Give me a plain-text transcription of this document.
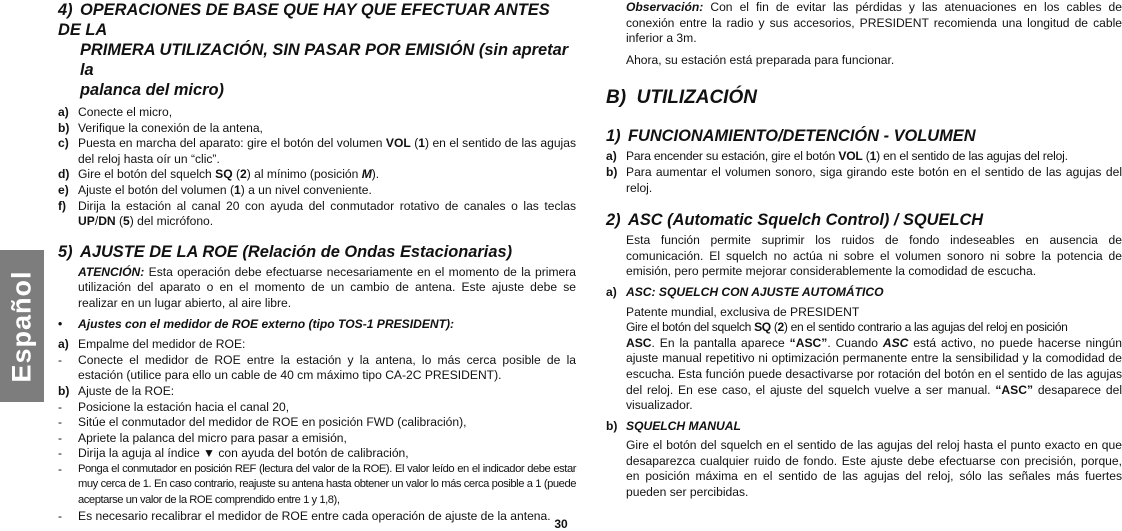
Español
4) OPERACIONES DE BASE QUE HAY QUE EFECTUAR ANTES DE LA
PRIMERA UTILIZACIÓN, SIN PASAR POR EMISIÓN (sin apretar la
palanca del micro)
a) Conecte el micro,
b) Verifique la conexión de la antena,
c) Puesta en marcha del aparato: gire el botón del volumen VOL (1) en el sentido de las agujas del reloj hasta oír un “clic”.
d) Gire el botón del squelch SQ (2) al mínimo (posición M).
e) Ajuste el botón del volumen (1) a un nivel conveniente.
f) Dirija la estación al canal 20 con ayuda del conmutador rotativo de canales o las teclas UP/DN (5) del micrófono.
5) AJUSTE DE LA ROE (Relación de Ondas Estacionarias)
ATENCIÓN: Esta operación debe efectuarse necesariamente en el momento de la primera utilización del aparato o en el momento de un cambio de antena. Este ajuste debe se realizar en un lugar abierto, al aire libre.
•	Ajustes con el medidor de ROE externo (tipo TOS-1 PRESIDENT):
a) Empalme del medidor de ROE:
-	Conecte el medidor de ROE entre la estación y la antena, lo más cerca posible de la estación (utilice para ello un cable de 40 cm máximo tipo CA-2C PRESIDENT).
b) Ajuste de la ROE:
-	Posicione la estación hacia el canal 20,
-	Sitúe el conmutador del medidor de ROE en posición FWD (calibración),
-	Apriete la palanca del micro para pasar a emisión,
-	Dirija la aguja al índice ▼ con ayuda del botón de calibración,
-	Ponga el conmutador en posición REF (lectura del valor de la ROE). El valor leído en el indicador debe estar muy cerca de 1. En caso contrario, reajuste su antena hasta obtener un valor lo más cerca posible a 1 (puede aceptarse un valor de la ROE comprendido entre 1 y 1,8),
-	Es necesario recalibrar el medidor de ROE entre cada operación de ajuste de la antena.
Observación: Con el fin de evitar las pérdidas y las atenuaciones en los cables de conexión entre la radio y sus accesorios, PRESIDENT recomienda una longitud de cable inferior a 3m.
Ahora, su estación está preparada para funcionar.
B) UTILIZACIÓN
1) FUNCIONAMIENTO/DETENCIÓN - VOLUMEN
a) Para encender su estación, gire el botón VOL (1) en el sentido de las agujas del reloj.
b) Para aumentar el volumen sonoro, siga girando este botón en el sentido de las agujas del reloj.
2) ASC (Automatic Squelch Control) / SQUELCH
Esta función permite suprimir los ruidos de fondo indeseables en ausencia de comunicación. El squelch no actúa ni sobre el volumen sonoro ni sobre la potencia de emisión, pero permite mejorar considerablemente la comodidad de escucha.
a) ASC: SQUELCH CON AJUSTE AUTOMÁTICO
Patente mundial, exclusiva de PRESIDENT
Gire el botón del squelch SQ (2) en el sentido contrario a las agujas del reloj en posición
ASC. En la pantalla aparece “ASC”. Cuando ASC está activo, no puede hacerse ningún ajuste manual repetitivo ni optimización permanente entre la sensibilidad y la comodidad de escucha. Esta función puede desactivarse por rotación del botón en el sentido de las agujas del reloj. En ese caso, el ajuste del squelch vuelve a ser manual. “ASC” desaparece del visualizador.
b) SQUELCH MANUAL
Gire el botón del squelch en el sentido de las agujas del reloj hasta el punto exacto en que desaparezca cualquier ruido de fondo. Este ajuste debe efectuarse con precisión, porque, en posición máxima en el sentido de las agujas del reloj, sólo las señales más fuertes pueden ser percibidas.
30
